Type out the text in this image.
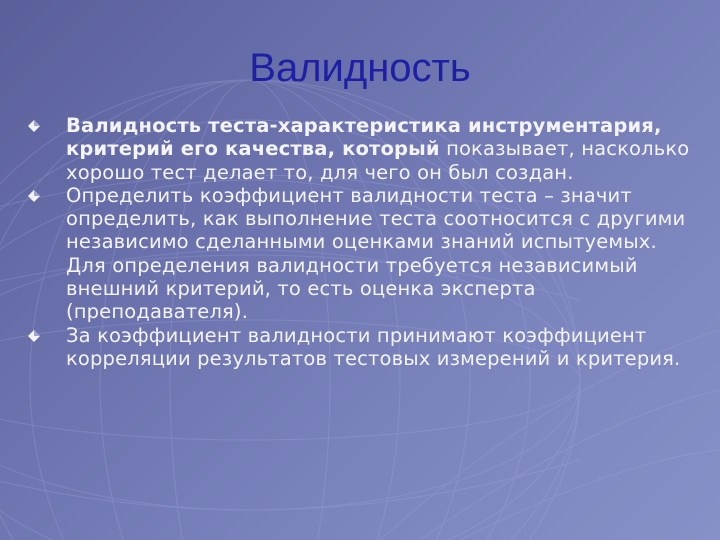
Валидность
Валидность теста-характеристика инструментария, критерий его качества, который показывает, насколько хорошо тест делает то, для чего он был создан.
Определить коэффициент валидности теста – значит определить, как выполнение теста соотносится с другими независимо сделанными оценками знаний испытуемых. Для определения валидности требуется независимый внешний критерий, то есть оценка эксперта (преподавателя).
За коэффициент валидности принимают коэффициент корреляции результатов тестовых измерений и критерия.
